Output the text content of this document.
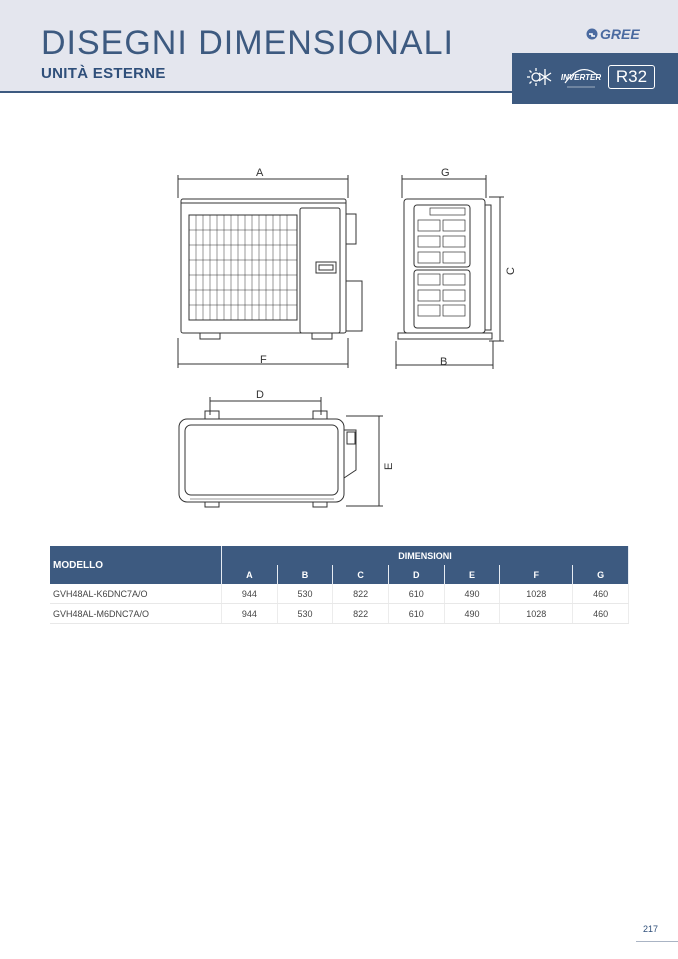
DISEGNI DIMENSIONALI
UNITÀ ESTERNE
GREE
INVERTER R32
A
F
G
B
C
D
E
MODELLO	DIMENSIONI						
	A	B	C	D	E	F	G
GVH48AL-K6DNC7A/O	944	530	822	610	490	1028	460
GVH48AL-M6DNC7A/O	944	530	822	610	490	1028	460
217
